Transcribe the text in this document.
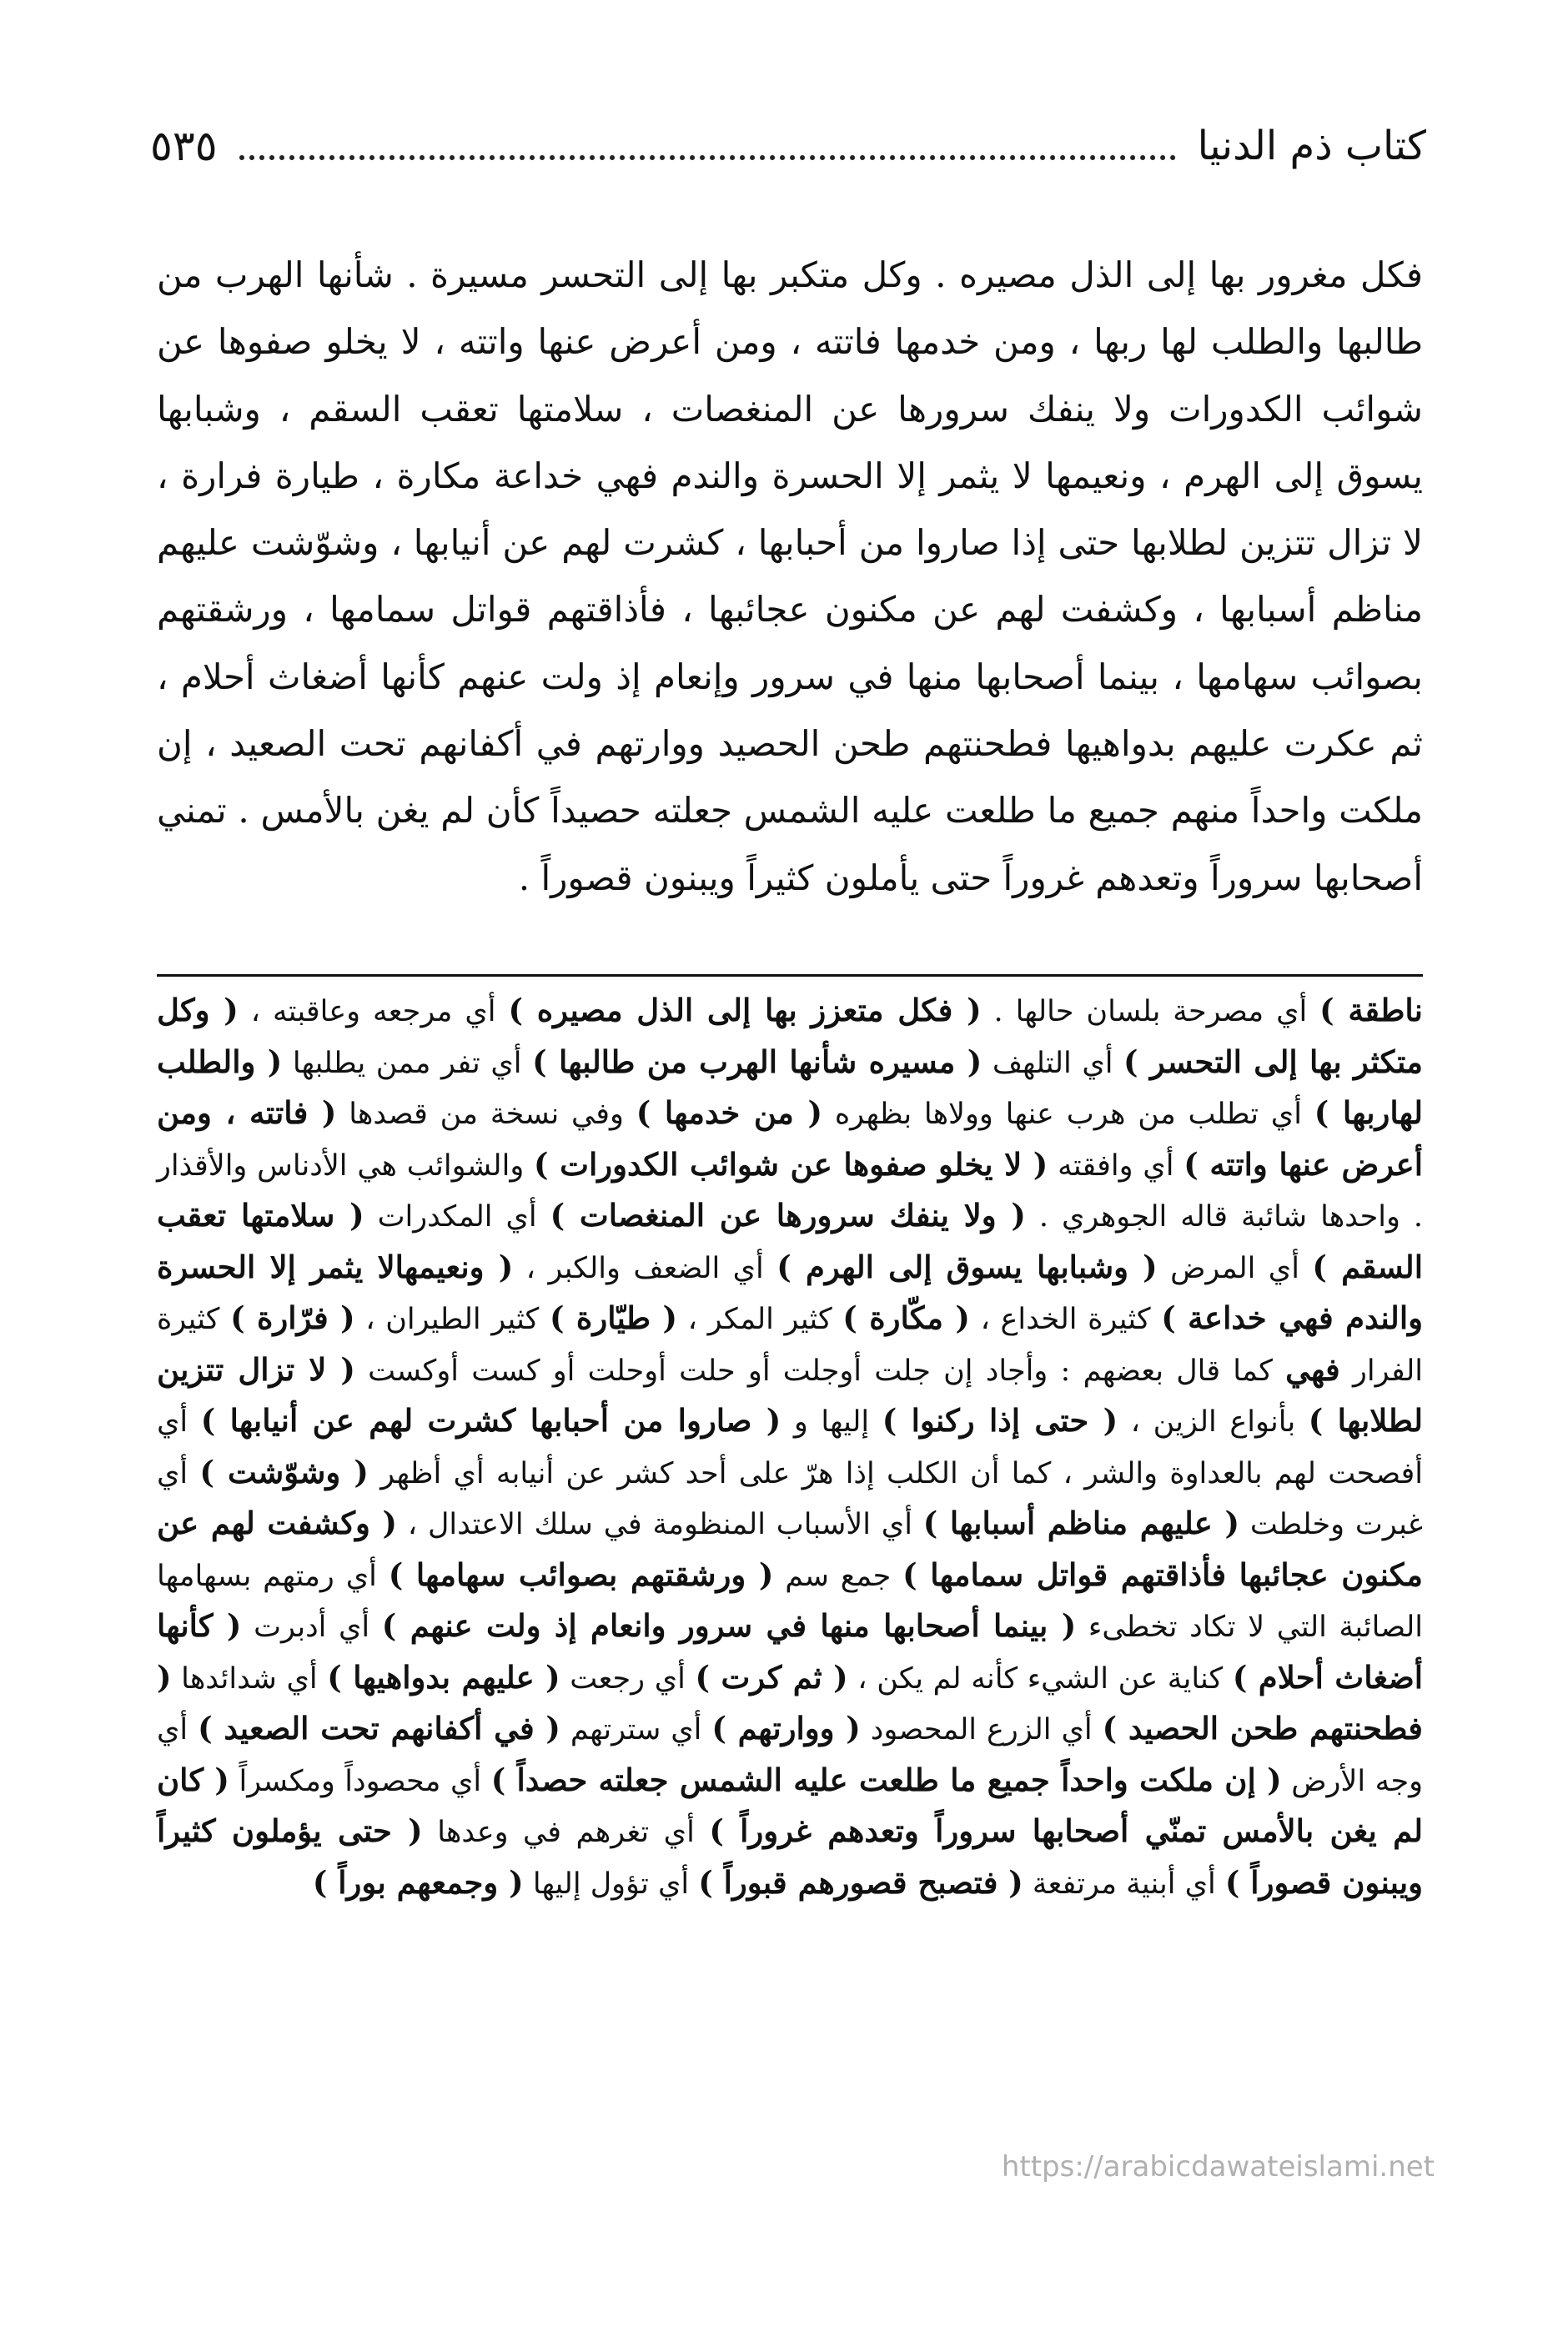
كتاب ذم الدنيا
٥٣٥

فكل مغرور بها إلى الذل مصيره . وكل متكبر بها إلى التحسر مسيرة . شأنها الهرب من طالبها والطلب لها ربها ، ومن خدمها فاتته ، ومن أعرض عنها واتته ، لا يخلو صفوها عن شوائب الكدورات ولا ينفك سرورها عن المنغصات ، سلامتها تعقب السقم ، وشبابها يسوق إلى الهرم ، ونعيمها لا يثمر إلا الحسرة والندم فهي خداعة مكارة ، طيارة فرارة ، لا تزال تتزين لطلابها حتى إذا صاروا من أحبابها ، كشرت لهم عن أنيابها ، وشوّشت عليهم مناظم أسبابها ، وكشفت لهم عن مكنون عجائبها ، فأذاقتهم قواتل سمامها ، ورشقتهم بصوائب سهامها ، بينما أصحابها منها في سرور وإنعام إذ ولت عنهم كأنها أضغاث أحلام ، ثم عكرت عليهم بدواهيها فطحنتهم طحن الحصيد ووارتهم في أكفانهم تحت الصعيد ، إن ملكت واحداً منهم جميع ما طلعت عليه الشمس جعلته حصيداً كأن لم يغن بالأمس . تمني أصحابها سروراً وتعدهم غروراً حتى يأملون كثيراً ويبنون قصوراً .

ناطقة ) أي مصرحة بلسان حالها . ( فكل متعزز بها إلى الذل مصيره ) أي مرجعه وعاقبته ، ( وكل متكثر بها إلى التحسر ) أي التلهف ( مسيره شأنها الهرب من طالبها ) أي تفر ممن يطلبها ( والطلب لهاربها ) أي تطلب من هرب عنها وولاها بظهره ( من خدمها ) وفي نسخة من قصدها ( فاتته ، ومن أعرض عنها واتته ) أي وافقته ( لا يخلو صفوها عن شوائب الكدورات ) والشوائب هي الأدناس والأقذار . واحدها شائبة قاله الجوهري . ( ولا ينفك سرورها عن المنغصات ) أي المكدرات ( سلامتها تعقب السقم ) أي المرض ( وشبابها يسوق إلى الهرم ) أي الضعف والكبر ، ( ونعيمهالا يثمر إلا الحسرة والندم فهي خداعة ) كثيرة الخداع ، ( مكّارة ) كثير المكر ، ( طيّارة ) كثير الطيران ، ( فرّارة ) كثيرة الفرار فهي كما قال بعضهم : وأجاد إن جلت أوجلت أو حلت أوحلت أو كست أوكست ( لا تزال تتزين لطلابها ) بأنواع الزين ، ( حتى إذا ركنوا ) إليها و ( صاروا من أحبابها كشرت لهم عن أنيابها ) أي أفصحت لهم بالعداوة والشر ، كما أن الكلب إذا هرّ على أحد كشر عن أنيابه أي أظهر ( وشوّشت ) أي غبرت وخلطت ( عليهم مناظم أسبابها ) أي الأسباب المنظومة في سلك الاعتدال ، ( وكشفت لهم عن مكنون عجائبها فأذاقتهم قواتل سمامها ) جمع سم ( ورشقتهم بصوائب سهامها ) أي رمتهم بسهامها الصائبة التي لا تكاد تخطىء ( بينما أصحابها منها في سرور وانعام إذ ولت عنهم ) أي أدبرت ( كأنها أضغاث أحلام ) كناية عن الشيء كأنه لم يكن ، ( ثم كرت ) أي رجعت ( عليهم بدواهيها ) أي شدائدها ( فطحنتهم طحن الحصيد ) أي الزرع المحصود ( ووارتهم ) أي سترتهم ( في أكفانهم تحت الصعيد ) أي وجه الأرض ( إن ملكت واحداً جميع ما طلعت عليه الشمس جعلته حصداً ) أي محصوداً ومكسراً ( كان لم يغن بالأمس تمنّي أصحابها سروراً وتعدهم غروراً ) أي تغرهم في وعدها ( حتى يؤملون كثيراً ويبنون قصوراً ) أي أبنية مرتفعة ( فتصبح قصورهم قبوراً ) أي تؤول إليها ( وجمعهم بوراً )

https://arabicdawateislami.net
